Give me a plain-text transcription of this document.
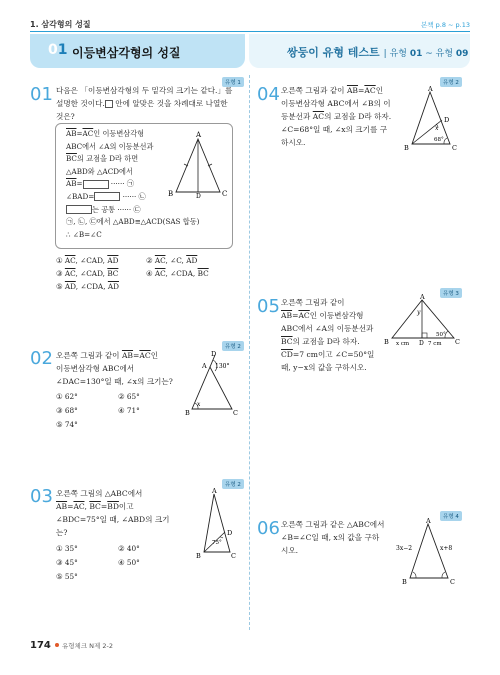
1. 삼각형의 성질	본책 p.8 ~ p.13
01 이등변삼각형의 성질	쌍둥이 유형 테스트 | 유형 01 ~ 유형 09
유형 1
01 다음은 「이등변삼각형의 두 밑각의 크기는 같다.」를
설명한 것이다. 안에 알맞은 것을 차례대로 나열한
것은?
$\overline{AB}=\overline{AC}$인 이등변삼각형
ABC에서 ∠A의 이등분선과
$\overline{BC}$의 교점을 D라 하면
△ABD와 △ACD에서
$\overline{AB}=$	······ ㉠
∠BAD=	······ ㉡
는 공통 ······ ㉢
㉠, ㉡, ㉢에서 △ABD≡△ACD(SAS 합동)
∴ ∠B=∠C
A
B	C
D
① $\overline{AC}$, ∠CAD, $\overline{AD}$	② $\overline{AC}$, ∠C, $\overline{AD}$
③ $\overline{AC}$, ∠CAD, $\overline{BC}$	④ $\overline{AC}$, ∠CDA, $\overline{BC}$
⑤ $\overline{AD}$, ∠CDA, $\overline{AD}$
유형 2
02 오른쪽 그림과 같이 $\overline{AB}=\overline{AC}$인
이등변삼각형 ABC에서
∠DAC=130°일 때, ∠x의 크기는?
① 62°	② 65°
③ 68°	④ 71°
⑤ 74°
D
A 130°
x
B	C
유형 2
03 오른쪽 그림의 △ABC에서
$\overline{AB}=\overline{AC}$, $\overline{BC}=\overline{BD}$이고
∠BDC=75°일 때, ∠ABD의 크기
는?
① 35°	② 40°
③ 45°	④ 50°
⑤ 55°
A
D
75°
B	C
유형 2
04 오른쪽 그림과 같이 $\overline{AB}=\overline{AC}$인
이등변삼각형 ABC에서 ∠B의 이
등분선과 $\overline{AC}$의 교점을 D라 하자.
∠C=68°일 때, ∠x의 크기를 구
하시오.
A
D
x
68°
B	C
유형 3
05 오른쪽 그림과 같이
$\overline{AB}=\overline{AC}$인 이등변삼각형
ABC에서 ∠A의 이등분선과
$\overline{BC}$의 교점을 D라 하자.
$\overline{CD}=7$ cm이고 ∠C=50°일
때, y−x의 값을 구하시오.
A
y
50°
B x cm D 7 cm C
유형 4
06 오른쪽 그림과 같은 △ABC에서
∠B=∠C일 때, x의 값을 구하
시오.
A
3x−2	x+8
B	C
174 유형체크 N제 2-2
